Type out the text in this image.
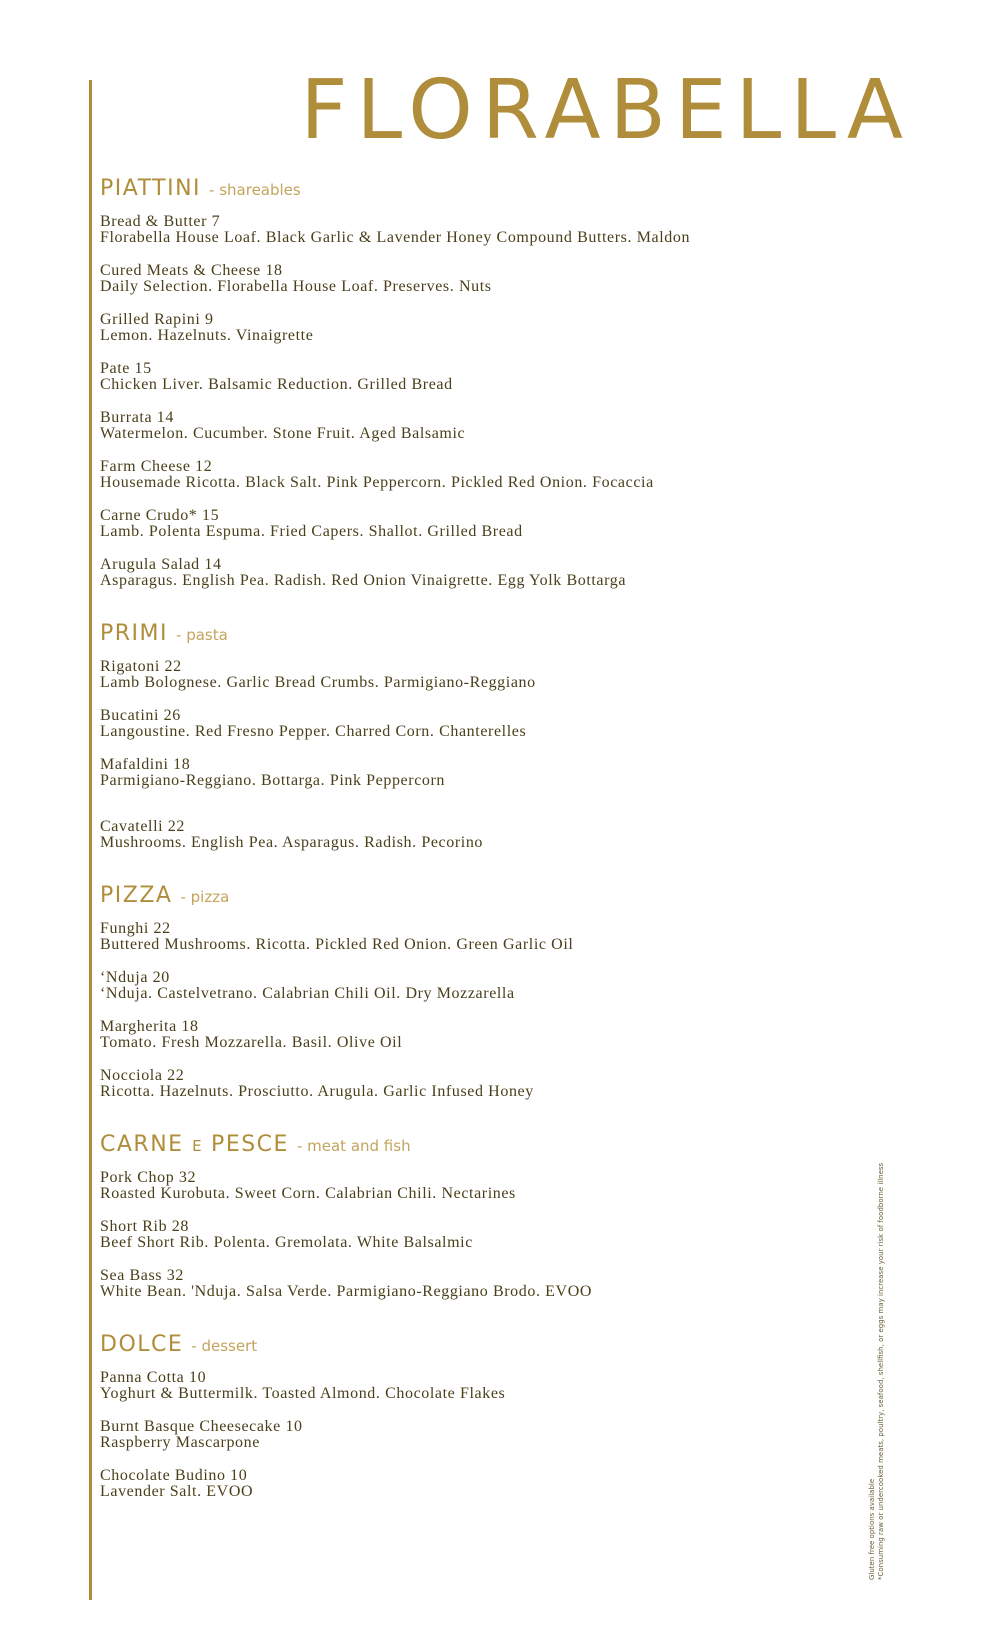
FLORABELLA
PIATTINI - shareables
Bread & Butter 7
Florabella House Loaf. Black Garlic & Lavender Honey Compound Butters. Maldon
Cured Meats & Cheese 18
Daily Selection. Florabella House Loaf. Preserves. Nuts
Grilled Rapini 9
Lemon. Hazelnuts. Vinaigrette
Pate 15
Chicken Liver. Balsamic Reduction. Grilled Bread
Burrata 14
Watermelon. Cucumber. Stone Fruit. Aged Balsamic
Farm Cheese 12
Housemade Ricotta. Black Salt. Pink Peppercorn. Pickled Red Onion. Focaccia
Carne Crudo* 15
Lamb. Polenta Espuma. Fried Capers. Shallot. Grilled Bread
Arugula Salad 14
Asparagus. English Pea. Radish. Red Onion Vinaigrette. Egg Yolk Bottarga
PRIMI - pasta
Rigatoni 22
Lamb Bolognese. Garlic Bread Crumbs. Parmigiano-Reggiano
Bucatini 26
Langoustine. Red Fresno Pepper. Charred Corn. Chanterelles
Mafaldini 18
Parmigiano-Reggiano. Bottarga. Pink Peppercorn
Cavatelli 22
Mushrooms. English Pea. Asparagus. Radish. Pecorino
PIZZA - pizza
Funghi 22
Buttered Mushrooms. Ricotta. Pickled Red Onion. Green Garlic Oil
‘Nduja 20
‘Nduja. Castelvetrano. Calabrian Chili Oil. Dry Mozzarella
Margherita 18
Tomato. Fresh Mozzarella. Basil. Olive Oil
Nocciola 22
Ricotta. Hazelnuts. Prosciutto. Arugula. Garlic Infused Honey
CARNE E PESCE - meat and fish
Pork Chop 32
Roasted Kurobuta. Sweet Corn. Calabrian Chili. Nectarines
Short Rib 28
Beef Short Rib. Polenta. Gremolata. White Balsalmic
Sea Bass 32
White Bean. 'Nduja. Salsa Verde. Parmigiano-Reggiano Brodo. EVOO
DOLCE - dessert
Panna Cotta 10
Yoghurt & Buttermilk. Toasted Almond. Chocolate Flakes
Burnt Basque Cheesecake 10
Raspberry Mascarpone
Chocolate Budino 10
Lavender Salt. EVOO	Gluten free options available *Consuming raw or undercooked meats, poultry, seafood, shellfish, or eggs may increase your risk of foodborne illness
